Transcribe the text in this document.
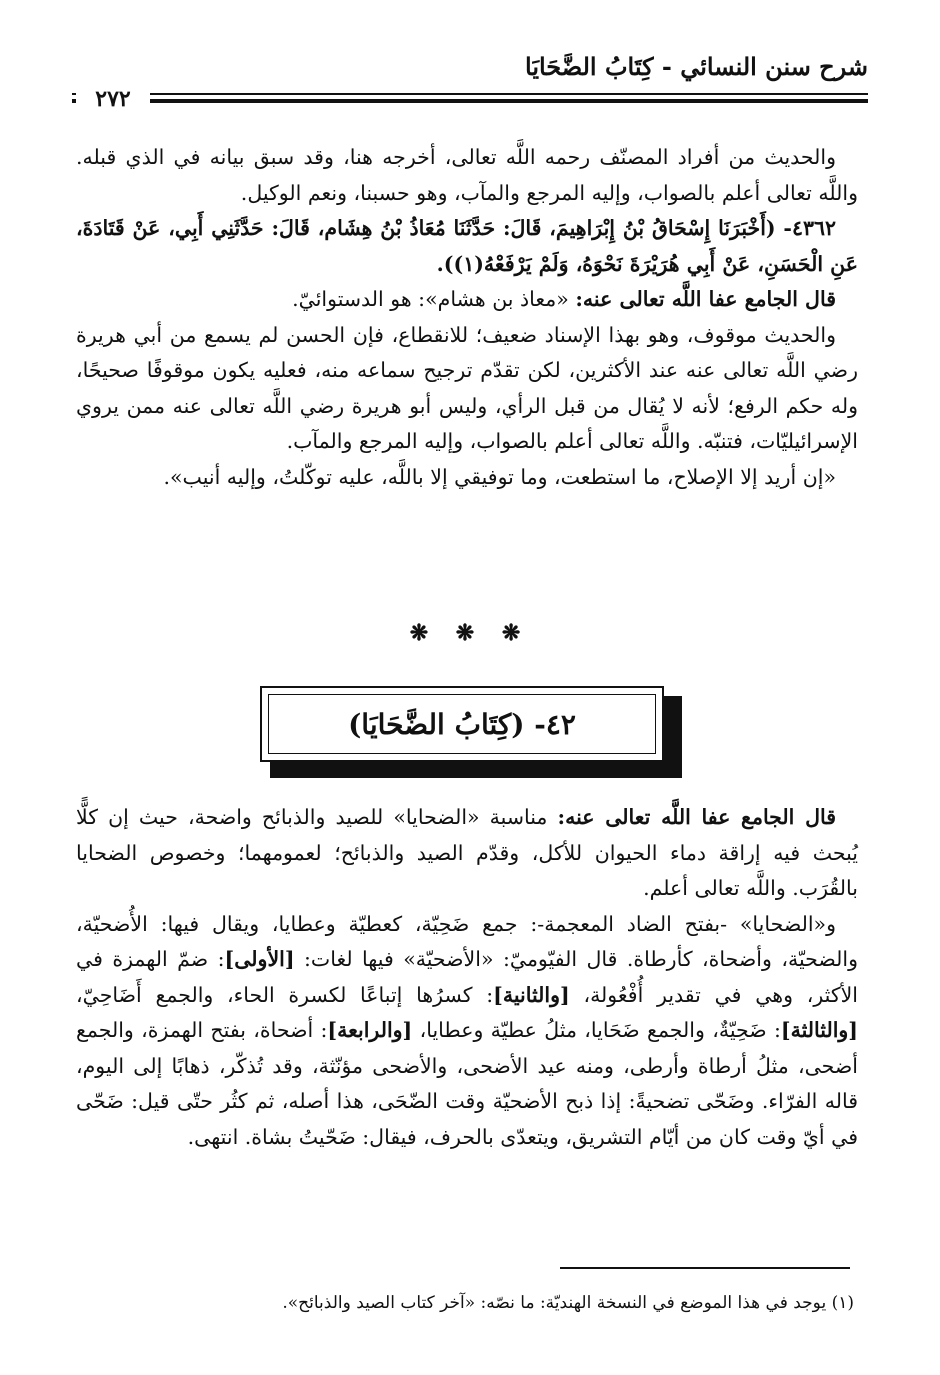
شرح سنن النسائي - كِتَابُ الضَّحَايَا
٢٧٢

والحديث من أفراد المصنّف رحمه اللَّه تعالى، أخرجه هنا، وقد سبق بيانه في الذي قبله. واللَّه تعالى أعلم بالصواب، وإليه المرجع والمآب، وهو حسبنا، ونعم الوكيل.

٤٣٦٢- (أَخْبَرَنَا إِسْحَاقُ بْنُ إِبْرَاهِيمَ، قَالَ: حَدَّثَنَا مُعَاذُ بْنُ هِشَام، قَالَ: حَدَّثَنِي أَبِي، عَنْ قَتَادَةَ، عَنِ الْحَسَنِ، عَنْ أَبِي هُرَيْرَةَ نَحْوَهُ، وَلَمْ يَرْفَعْهُ(١)).

قال الجامع عفا اللَّه تعالى عنه: «معاذ بن هشام»: هو الدستوائيّ.

والحديث موقوف، وهو بهذا الإسناد ضعيف؛ للانقطاع، فإن الحسن لم يسمع من أبي هريرة رضي اللَّه تعالى عنه عند الأكثرين، لكن تقدّم ترجيح سماعه منه، فعليه يكون موقوفًا صحيحًا، وله حكم الرفع؛ لأنه لا يُقال من قبل الرأي، وليس أبو هريرة رضي اللَّه تعالى عنه ممن يروي الإسرائيليّات، فتنبّه. واللَّه تعالى أعلم بالصواب، وإليه المرجع والمآب.

«إن أريد إلا الإصلاح، ما استطعت، وما توفيقي إلا باللَّه، عليه توكّلتُ، وإليه أنيب».

❋ ❋ ❋
٤٢- (كِتَابُ الضَّحَايَا)

قال الجامع عفا اللَّه تعالى عنه: مناسبة «الضحايا» للصيد والذبائح واضحة، حيث إن كلًّا يُبحث فيه إراقة دماء الحيوان للأكل، وقدّم الصيد والذبائح؛ لعمومهما؛ وخصوص الضحايا بالقُرَب. واللَّه تعالى أعلم.

و«الضحايا» -بفتح الضاد المعجمة-: جمع ضَحِيّة، كعطيّة وعطايا، ويقال فيها: الأُضحيّة، والضحيّة، وأضحاة، كأرطاة. قال الفيّوميّ: «الأضحيّة» فيها لغات: [الأولى]: ضمّ الهمزة في الأكثر، وهي في تقدير أُفْعُولة، [والثانية]: كسرُها إتباعًا لكسرة الحاء، والجمع أَضَاحِيّ، [والثالثة]: ضَحِيّةٌ، والجمع ضَحَايا، مثلُ عطيّة وعطايا، [والرابعة]: أضحاة، بفتح الهمزة، والجمع أضحى، مثلُ أرطاة وأرطى، ومنه عيد الأضحى، والأضحى مؤنّثة، وقد تُذكّر، ذهابًا إلى اليوم، قاله الفرّاء. وضَحّى تضحيةً: إذا ذبح الأضحيّة وقت الضّحَى، هذا أصله، ثم كثُر حتّى قيل: ضَحّى في أيّ وقت كان من أيّام التشريق، ويتعدّى بالحرف، فيقال: ضَحّيتُ بشاة. انتهى.

(١) يوجد في هذا الموضع في النسخة الهنديّة: ما نصّه: «آخر كتاب الصيد والذبائح».
